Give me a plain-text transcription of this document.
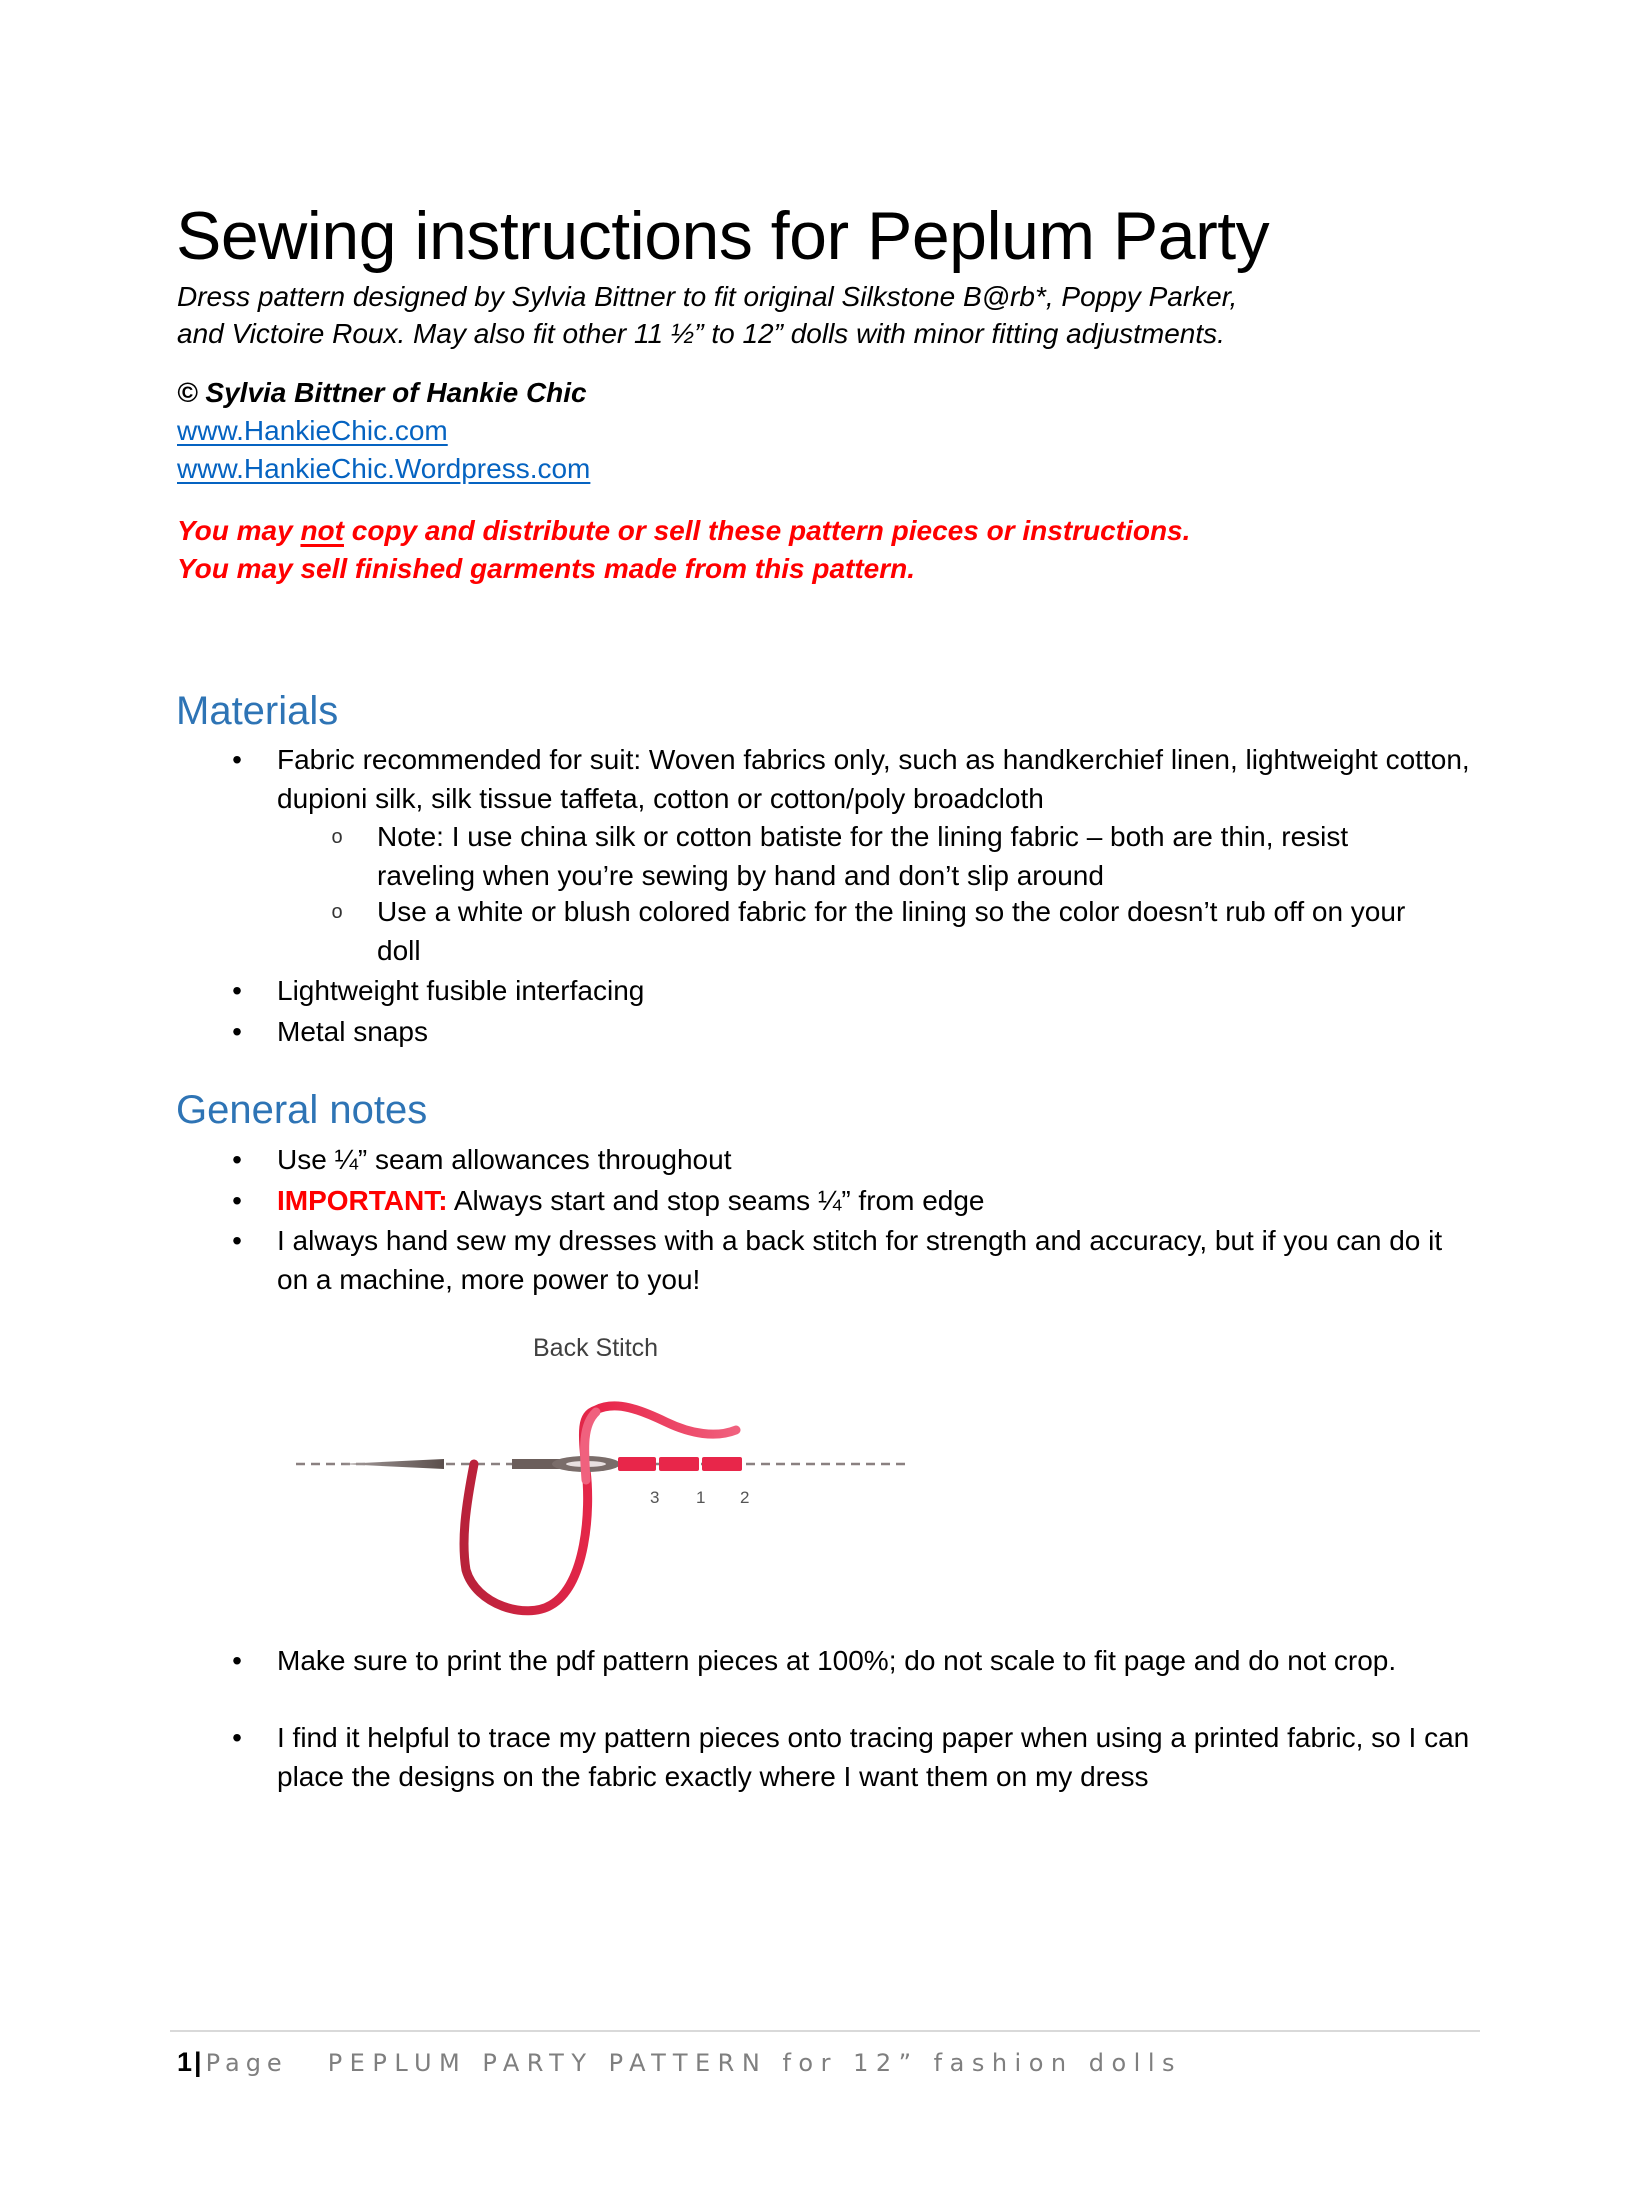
Sewing instructions for Peplum Party
Dress pattern designed by Sylvia Bittner to fit original Silkstone B@rb*, Poppy Parker,
and Victoire Roux. May also fit other 11 ½” to 12” dolls with minor fitting adjustments.
© Sylvia Bittner of Hankie Chic
www.HankieChic.com
www.HankieChic.Wordpress.com
You may not copy and distribute or sell these pattern pieces or instructions.
You may sell finished garments made from this pattern.
Materials
• Fabric recommended for suit: Woven fabrics only, such as handkerchief linen, lightweight cotton, dupioni silk, silk tissue taffeta, cotton or cotton/poly broadcloth
o Note: I use china silk or cotton batiste for the lining fabric – both are thin, resist raveling when you’re sewing by hand and don’t slip around
o Use a white or blush colored fabric for the lining so the color doesn’t rub off on your doll
• Lightweight fusible interfacing
• Metal snaps
General notes
• Use ¼” seam allowances throughout
• IMPORTANT: Always start and stop seams ¼” from edge
• I always hand sew my dresses with a back stitch for strength and accuracy, but if you can do it on a machine, more power to you!
Back Stitch
3 1 2
• Make sure to print the pdf pattern pieces at 100%; do not scale to fit page and do not crop.
• I find it helpful to trace my pattern pieces onto tracing paper when using a printed fabric, so I can place the designs on the fabric exactly where I want them on my dress
1| Page PEPLUM PARTY PATTERN for 12” fashion dolls
